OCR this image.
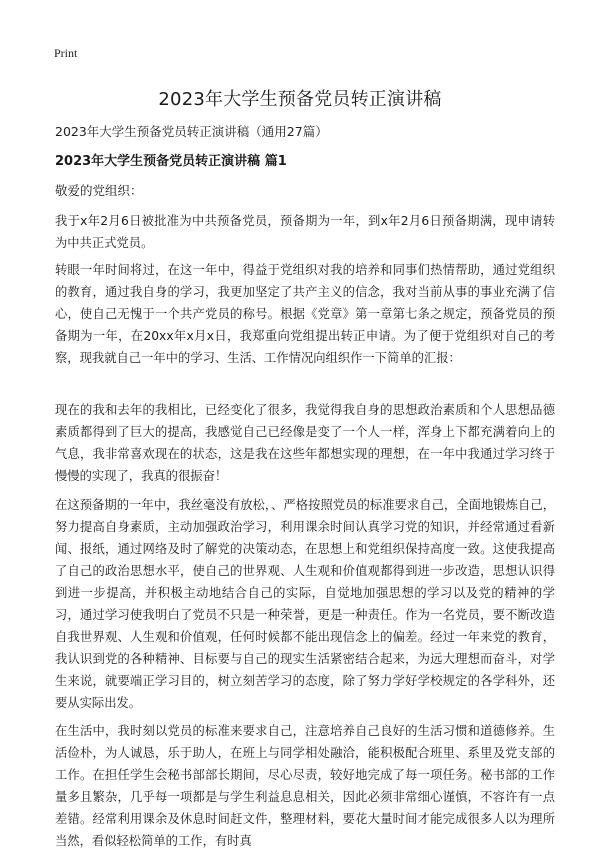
Print
2023年大学生预备党员转正演讲稿
2023年大学生预备党员转正演讲稿（通用27篇）
2023年大学生预备党员转正演讲稿 篇1
敬爱的党组织：
我于x年2月6日被批准为中共预备党员，预备期为一年，到x年2月6日预备期满，现申请转为中共正式党员。
转眼一年时间将过，在这一年中，得益于党组织对我的培养和同事们热情帮助，通过党组织的教育，通过我自身的学习，我更加坚定了共产主义的信念，我对当前从事的事业充满了信心，使自己无愧于一个共产党员的称号。根据《党章》第一章第七条之规定，预备党员的预备期为一年，在20xx年x月x日，我郑重向党组提出转正申请。为了便于党组织对自己的考察，现我就自己一年中的学习、生活、工作情况向组织作一下简单的汇报：
现在的我和去年的我相比，已经变化了很多，我觉得我自身的思想政治素质和个人思想品德素质都得到了巨大的提高，我感觉自己已经像是变了一个人一样，浑身上下都充满着向上的气息，我非常喜欢现在的状态，这是我在这些年都想实现的理想，在一年中我通过学习终于慢慢的实现了，我真的很振奋！
在这预备期的一年中，我丝毫没有放松，、严格按照党员的标准要求自己，全面地锻炼自己，努力提高自身素质，主动加强政治学习，利用课余时间认真学习党的知识，并经常通过看新闻、报纸，通过网络及时了解党的决策动态，在思想上和党组织保持高度一致。这使我提高了自己的政治思想水平，使自己的世界观、人生观和价值观都得到进一步改造，思想认识得到进一步提高，并积极主动地结合自己的实际，自觉地加强思想的学习以及党的精神的学习，通过学习使我明白了党员不只是一种荣誉，更是一种责任。作为一名党员，要不断改造自我世界观、人生观和价值观，任何时候都不能出现信念上的偏差。经过一年来党的教育，我认识到党的各种精神、目标要与自己的现实生活紧密结合起来，为远大理想而奋斗，对学生来说，就要端正学习目的，树立刻苦学习的态度，除了努力学好学校规定的各学科外，还要从实际出发。
在生活中，我时刻以党员的标准来要求自己，注意培养自己良好的生活习惯和道德修养。生活俭朴，为人诚恳，乐于助人，在班上与同学相处融洽，能积极配合班里、系里及党支部的工作。在担任学生会秘书部部长期间，尽心尽责，较好地完成了每一项任务。秘书部的工作量多且繁杂，几乎每一项都是与学生利益息息相关，因此必须非常细心谨慎，不容许有一点差错。经常利用课余及休息时间赶文件，整理材料，要花大量时间才能完成很多人以为理所当然，看似轻松简单的工作，有时真
